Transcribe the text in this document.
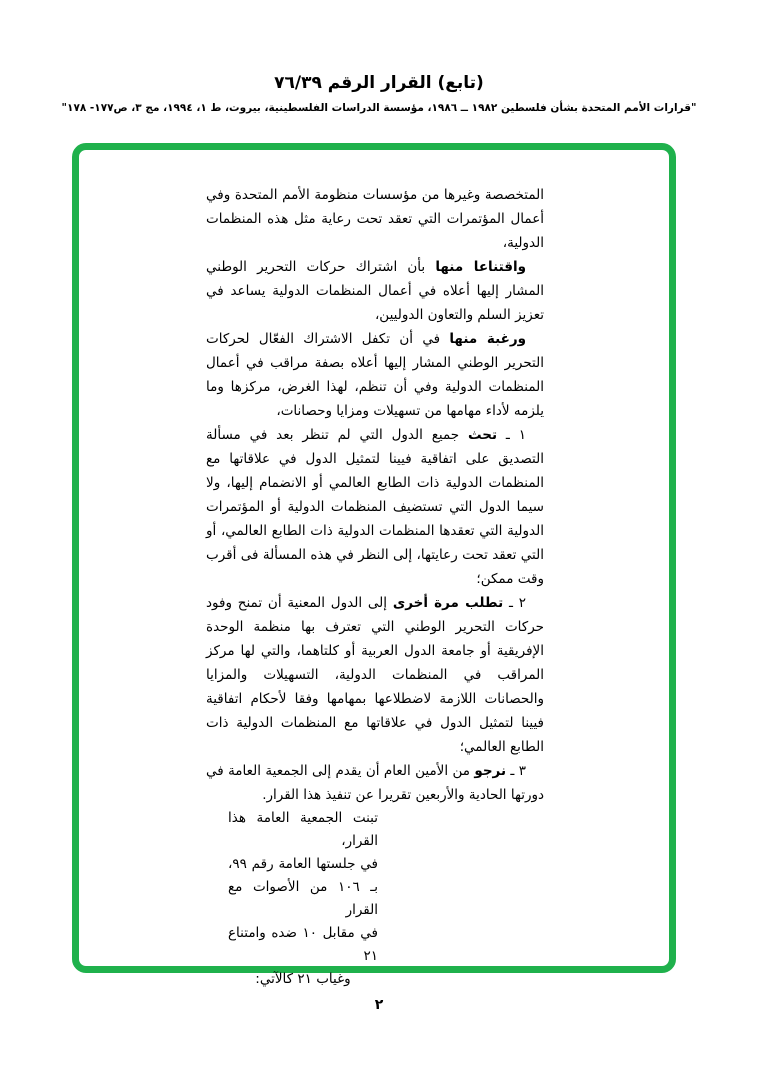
(تابع) القرار الرقم ٧٦/٣٩
"قرارات الأمم المتحدة بشأن فلسطين ١٩٨٢ ــ ١٩٨٦، مؤسسة الدراسات الفلسطينية، بيروت، ط ١، ١٩٩٤، مج ٣، ص١٧٧- ١٧٨"

المتخصصة وغيرها من مؤسسات منظومة الأمم المتحدة وفي أعمال المؤتمرات التي تعقد تحت رعاية مثل هذه المنظمات الدولية،

واقتناعا منها بأن اشتراك حركات التحرير الوطني المشار إليها أعلاه في أعمال المنظمات الدولية يساعد في تعزيز السلم والتعاون الدوليين،

ورغبة منها في أن تكفل الاشتراك الفعّال لحركات التحرير الوطني المشار إليها أعلاه بصفة مراقب في أعمال المنظمات الدولية وفي أن تنظم، لهذا الغرض، مركزها وما يلزمه لأداء مهامها من تسهيلات ومزايا وحصانات،

١ ـ تحث جميع الدول التي لم تنظر بعد في مسألة التصديق على اتفاقية فيينا لتمثيل الدول في علاقاتها مع المنظمات الدولية ذات الطابع العالمي أو الانضمام إليها، ولا سيما الدول التي تستضيف المنظمات الدولية أو المؤتمرات الدولية التي تعقدها المنظمات الدولية ذات الطابع العالمي، أو التي تعقد تحت رعايتها، إلى النظر في هذه المسألة فى أقرب وقت ممكن؛

٢ ـ تطلب مرة أخرى إلى الدول المعنية أن تمنح وفود حركات التحرير الوطني التي تعترف بها منظمة الوحدة الإفريقية أو جامعة الدول العربية أو كلتاهما، والتي لها مركز المراقب في المنظمات الدولية، التسهيلات والمزايا والحصانات اللازمة لاضطلاعها بمهامها وفقا لأحكام اتفاقية فيينا لتمثيل الدول في علاقاتها مع المنظمات الدولية ذات الطابع العالمي؛

٣ ـ نرجو من الأمين العام أن يقدم إلى الجمعية العامة في دورتها الحادية والأربعين تقريرا عن تنفيذ هذا القرار.

تبنت الجمعية العامة هذا القرار،
في جلستها العامة رقم ٩٩،
بـ ١٠٦ من الأصوات مع القرار
في مقابل ١٠ ضده وامتناع ٢١
وغياب ٢١ كالآتي:
٢
